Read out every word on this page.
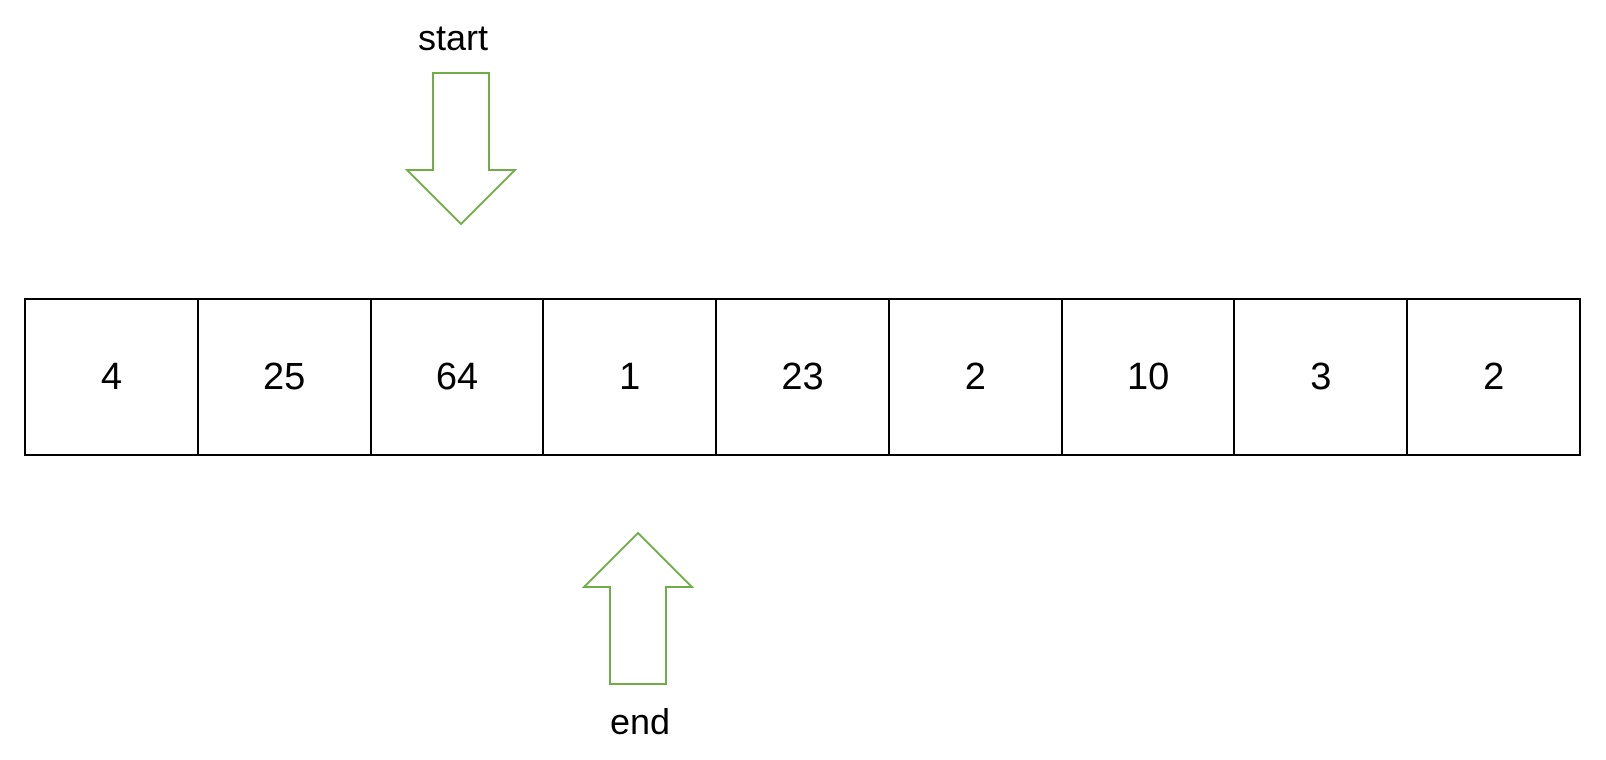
start
4	25	64	1	23	2	10	3	2
end
